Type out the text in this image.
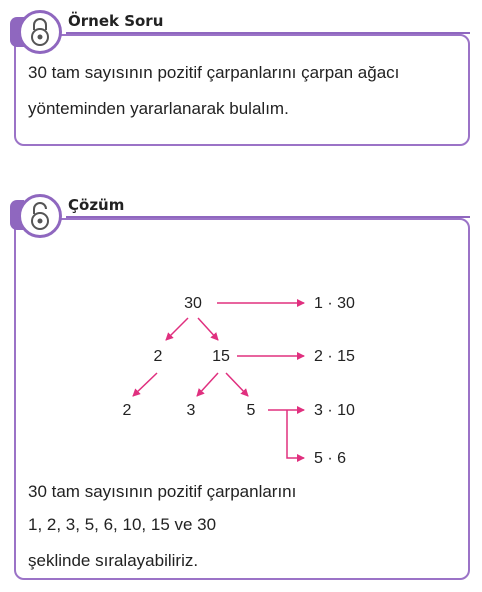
Örnek Soru
30 tam sayısının pozitif çarpanlarını çarpan ağacı
yönteminden yararlanarak bulalım.
Çözüm
30
2	15
2	3	5
1 · 30
2 · 15
3 · 10
5 · 6
30 tam sayısının pozitif çarpanlarını
1, 2, 3, 5, 6, 10, 15 ve 30
şeklinde sıralayabiliriz.
